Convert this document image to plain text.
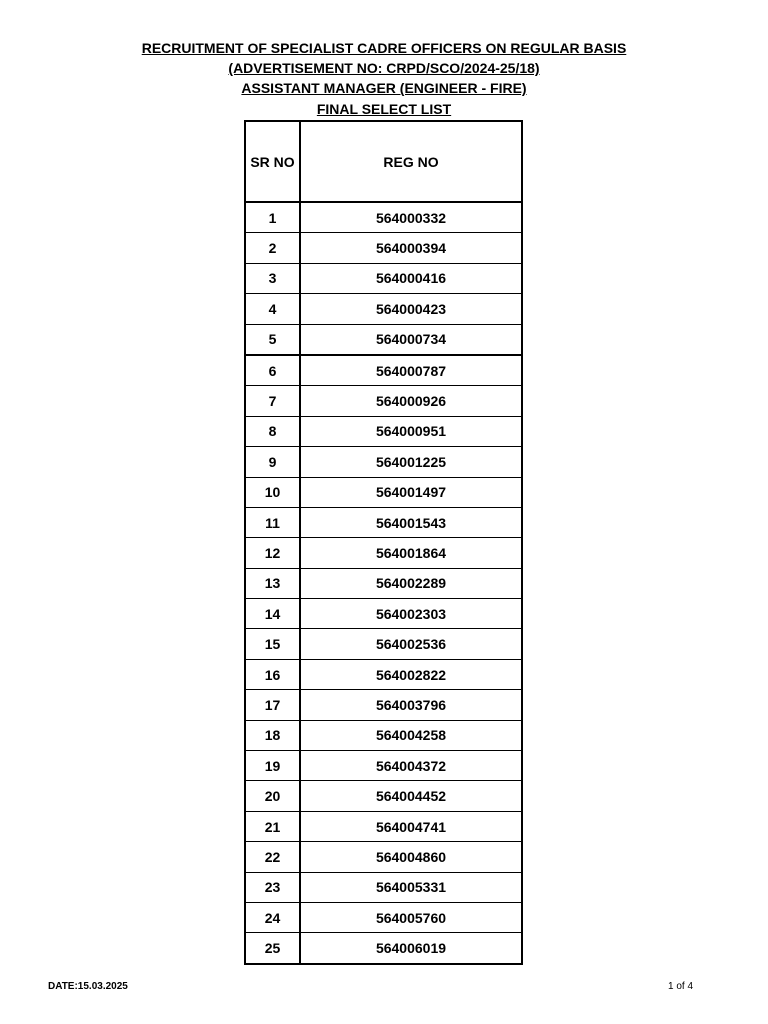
RECRUITMENT OF SPECIALIST CADRE OFFICERS ON REGULAR BASIS
(ADVERTISEMENT NO: CRPD/SCO/2024-25/18)
ASSISTANT MANAGER (ENGINEER - FIRE)
FINAL SELECT LIST
SR NO	REG NO
1	564000332
2	564000394
3	564000416
4	564000423
5	564000734
6	564000787
7	564000926
8	564000951
9	564001225
10	564001497
11	564001543
12	564001864
13	564002289
14	564002303
15	564002536
16	564002822
17	564003796
18	564004258
19	564004372
20	564004452
21	564004741
22	564004860
23	564005331
24	564005760
25	564006019
DATE:15.03.2025	1 of 4
